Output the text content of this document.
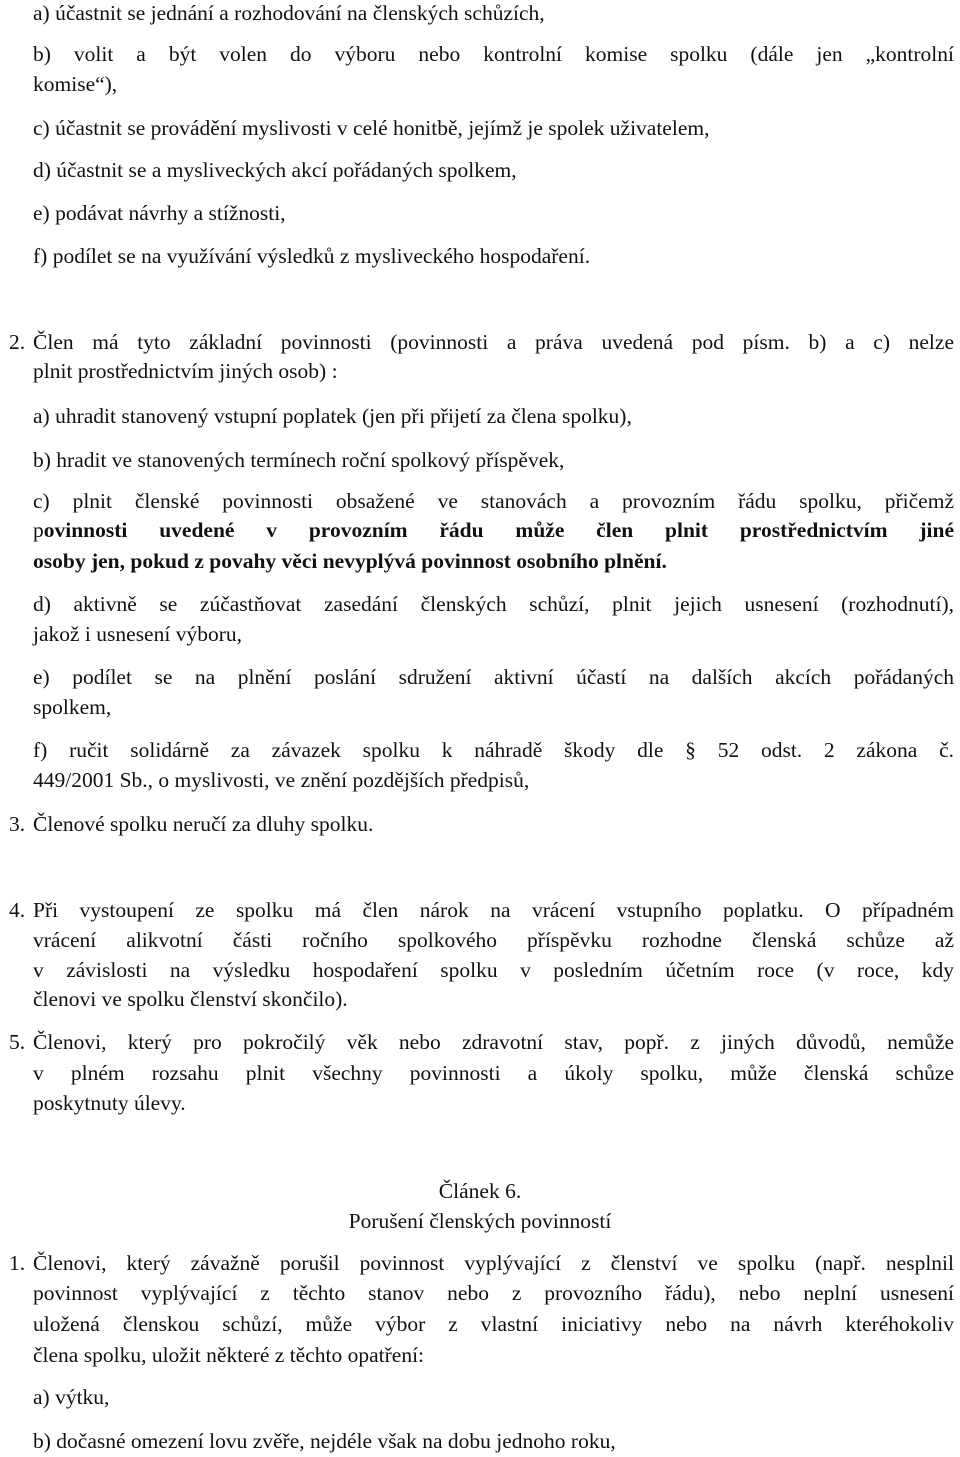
a) účastnit se jednání a rozhodování na členských schůzích,
b) volit a být volen do výboru nebo kontrolní komise spolku (dále jen „kontrolní
komise“),
c) účastnit se provádění myslivosti v celé honitbě, jejímž je spolek uživatelem,
d) účastnit se a mysliveckých akcí pořádaných spolkem,
e) podávat návrhy a stížnosti,
f) podílet se na využívání výsledků z mysliveckého hospodaření.
2. Člen má tyto základní povinnosti (povinnosti a práva uvedená pod písm. b) a c) nelze
plnit prostřednictvím jiných osob) :
a) uhradit stanovený vstupní poplatek (jen při přijetí za člena spolku),
b) hradit ve stanovených termínech roční spolkový příspěvek,
c) plnit členské povinnosti obsažené ve stanovách a provozním řádu spolku, přičemž
povinnosti uvedené v provozním řádu může člen plnit prostřednictvím jiné
osoby jen, pokud z povahy věci nevyplývá povinnost osobního plnění.
d) aktivně se zúčastňovat zasedání členských schůzí, plnit jejich usnesení (rozhodnutí),
jakož i usnesení výboru,
e) podílet se na plnění poslání sdružení aktivní účastí na dalších akcích pořádaných
spolkem,
f) ručit solidárně za závazek spolku k náhradě škody dle § 52 odst. 2 zákona č.
449/2001 Sb., o myslivosti, ve znění pozdějších předpisů,
3. Členové spolku neručí za dluhy spolku.
4. Při vystoupení ze spolku má člen nárok na vrácení vstupního poplatku. O případném
vrácení alikvotní části ročního spolkového příspěvku rozhodne členská schůze až
v závislosti na výsledku hospodaření spolku v posledním účetním roce (v roce, kdy
členovi ve spolku členství skončilo).
5. Členovi, který pro pokročilý věk nebo zdravotní stav, popř. z jiných důvodů, nemůže
v plném rozsahu plnit všechny povinnosti a úkoly spolku, může členská schůze
poskytnuty úlevy.
Článek 6.
Porušení členských povinností
1. Členovi, který závažně porušil povinnost vyplývající z členství ve spolku (např. nesplnil
povinnost vyplývající z těchto stanov nebo z provozního řádu), nebo neplní usnesení
uložená členskou schůzí, může výbor z vlastní iniciativy nebo na návrh kteréhokoliv
člena spolku, uložit některé z těchto opatření:
a) výtku,
b) dočasné omezení lovu zvěře, nejdéle však na dobu jednoho roku,
